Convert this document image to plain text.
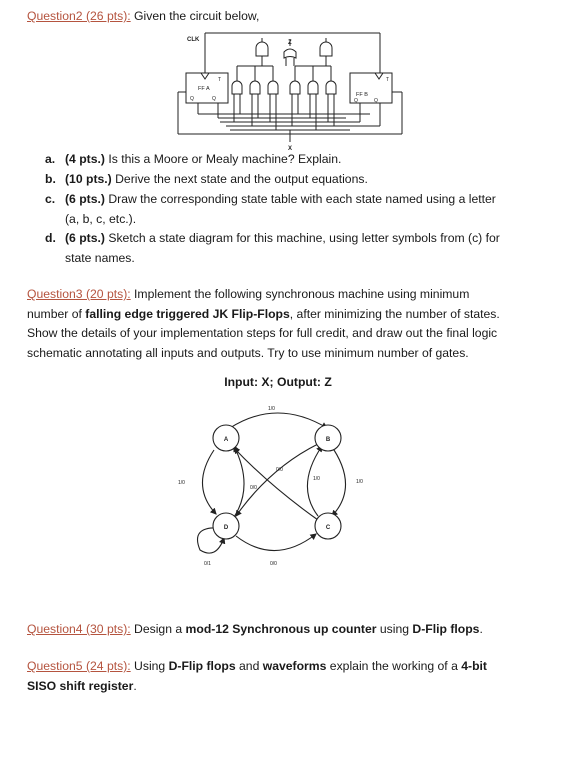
Question2 (26 pts): Given the circuit below,
CLK	Z
X
FF A
FF B
T	T
Q	Q	Q	Q
a. (4 pts.) Is this a Moore or Mealy machine? Explain.
b. (10 pts.) Derive the next state and the output equations.
c. (6 pts.) Draw the corresponding state table with each state named using a letter
(a, b, c, etc.).
d. (6 pts.) Sketch a state diagram for this machine, using letter symbols from (c) for
state names.
Question3 (20 pts): Implement the following synchronous machine using minimum
number of falling edge triggered JK Flip-Flops, after minimizing the number of states.
Show the details of your implementation steps for full credit, and draw out the final logic
schematic annotating all inputs and outputs. Try to use minimum number of gates.
Input: X; Output: Z
A	B
C
D
1/0
1/0
0/1	0/0
0/0
0/0
1/0
1/0
Question4 (30 pts): Design a mod-12 Synchronous up counter using D-Flip flops.
Question5 (24 pts): Using D-Flip flops and waveforms explain the working of a 4-bit
SISO shift register.
